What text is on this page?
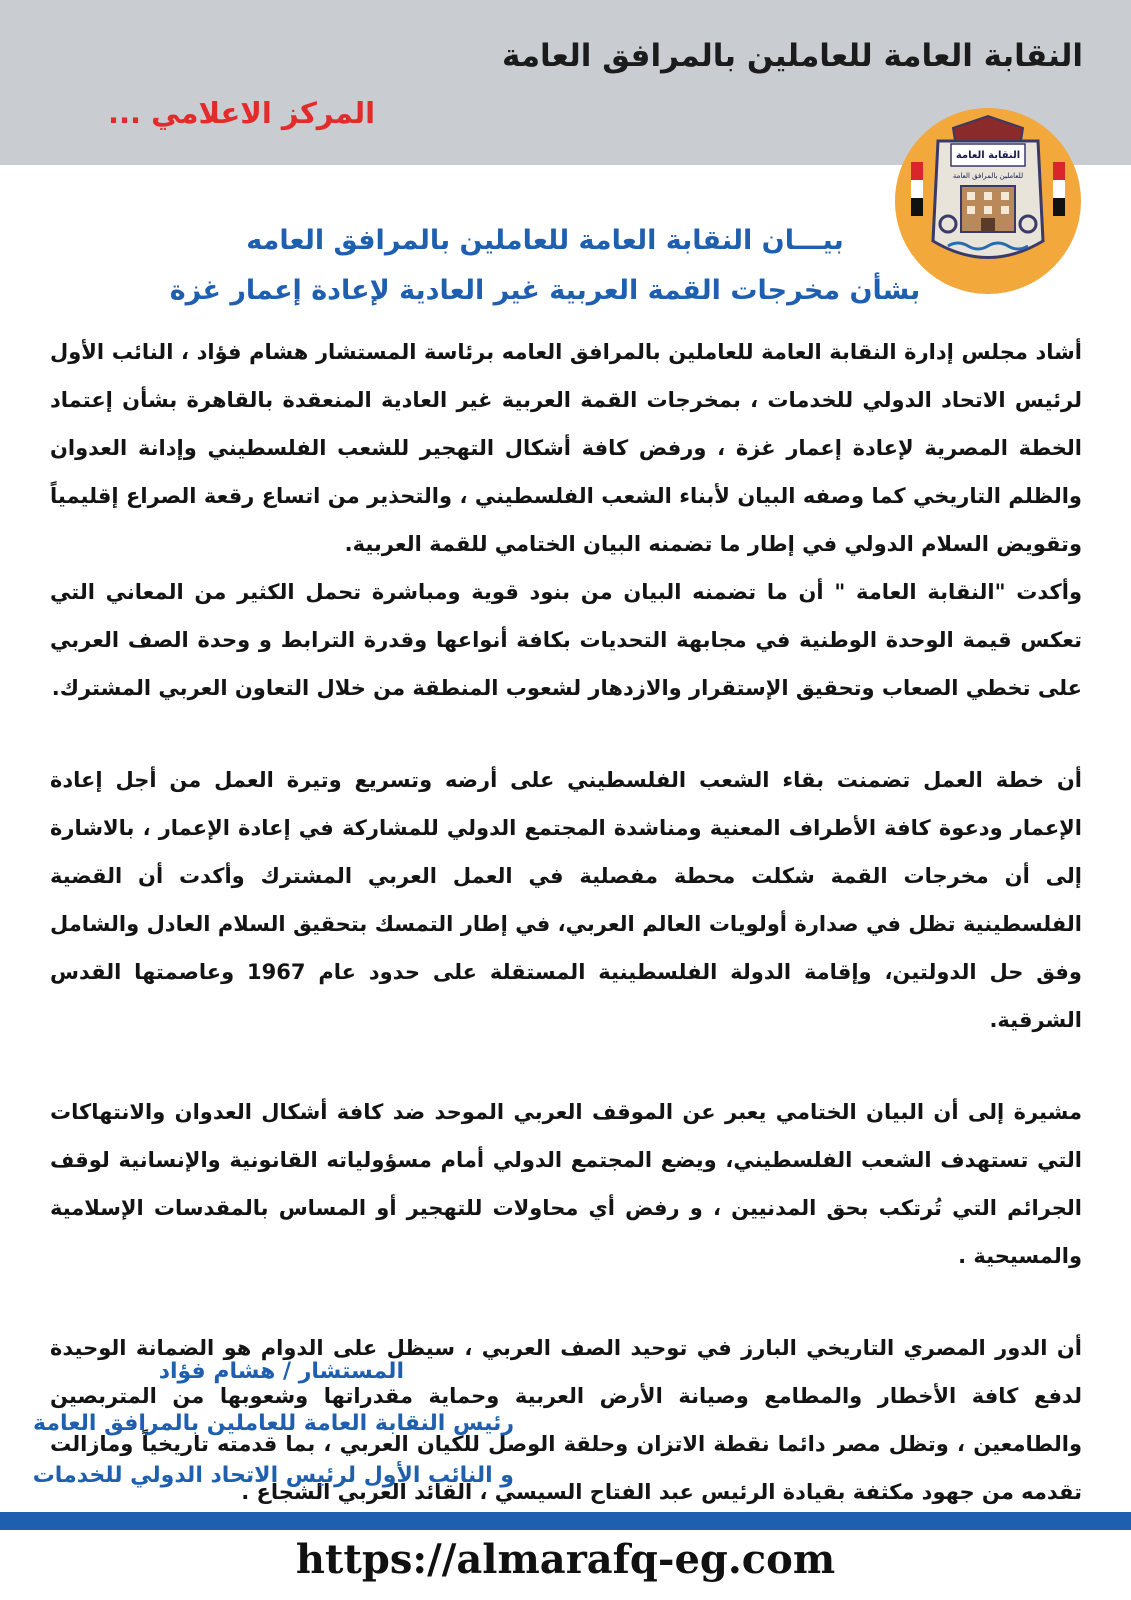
النقابة العامة للعاملين بالمرافق العامة
المركز الاعلامي ...
النقابة العامة
للعاملين بالمرافق العامة
بيـــان النقابة العامة للعاملين بالمرافق العامه
بشأن مخرجات القمة العربية غير العادية لإعادة إعمار غزة

أشاد مجلس إدارة النقابة العامة للعاملين بالمرافق العامه برئاسة المستشار هشام فؤاد ، النائب الأول لرئيس الاتحاد الدولي للخدمات ، بمخرجات القمة العربية غير العادية المنعقدة بالقاهرة بشأن إعتماد الخطة المصرية لإعادة إعمار غزة ، ورفض كافة أشكال التهجير للشعب الفلسطيني وإدانة العدوان والظلم التاريخي كما وصفه البيان لأبناء الشعب الفلسطيني ، والتحذير من اتساع رقعة الصراع إقليمياً وتقويض السلام الدولي في إطار ما تضمنه البيان الختامي للقمة العربية.

وأكدت "النقابة العامة " أن ما تضمنه البيان من بنود قوية ومباشرة تحمل الكثير من المعاني التي تعكس قيمة الوحدة الوطنية في مجابهة التحديات بكافة أنواعها وقدرة الترابط و وحدة الصف العربي على تخطي الصعاب وتحقيق الإستقرار والازدهار لشعوب المنطقة من خلال التعاون العربي المشترك.

أن خطة العمل تضمنت بقاء الشعب الفلسطيني على أرضه وتسريع وتيرة العمل من أجل إعادة الإعمار ودعوة كافة الأطراف المعنية ومناشدة المجتمع الدولي للمشاركة في إعادة الإعمار ، بالاشارة إلى أن مخرجات القمة شكلت محطة مفصلية في العمل العربي المشترك وأكدت أن القضية الفلسطينية تظل في صدارة أولويات العالم العربي، في إطار التمسك بتحقيق السلام العادل والشامل وفق حل الدولتين، وإقامة الدولة الفلسطينية المستقلة على حدود عام 1967 وعاصمتها القدس الشرقية.

مشيرة إلى أن البيان الختامي يعبر عن الموقف العربي الموحد ضد كافة أشكال العدوان والانتهاكات التي تستهدف الشعب الفلسطيني، ويضع المجتمع الدولي أمام مسؤولياته القانونية والإنسانية لوقف الجرائم التي تُرتكب بحق المدنيين ، و رفض أي محاولات للتهجير أو المساس بالمقدسات الإسلامية والمسيحية .

أن الدور المصري التاريخي البارز في توحيد الصف العربي ، سيظل على الدوام هو الضمانة الوحيدة لدفع كافة الأخطار والمطامع وصيانة الأرض العربية وحماية مقدراتها وشعوبها من المتربصين والطامعين ، وتظل مصر دائما نقطة الاتزان وحلقة الوصل للكيان العربي ، بما قدمته تاريخياً ومازالت تقدمه من جهود مكثفة بقيادة الرئيس عبد الفتاح السيسي ، القائد العربي الشجاع .

المستشار / هشام فؤاد
رئيس النقابة العامة للعاملين بالمرافق العامة
و النائب الأول لرئيس الاتحاد الدولي للخدمات
https://almarafq-eg.com
